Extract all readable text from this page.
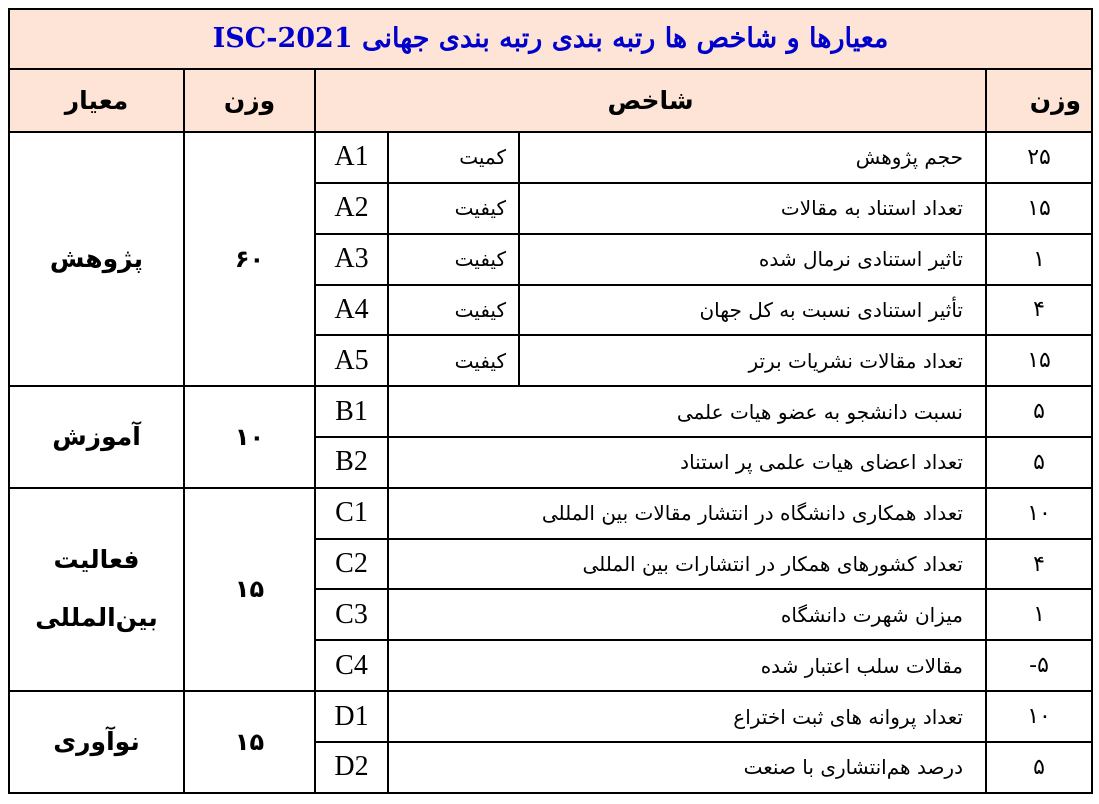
معیارها و شاخص ها رتبه بندی رتبه بندی جهانی ISC-2021					
معیار	وزن	شاخص			وزن
پژوهش	۶۰	A1	کمیت	حجم پژوهش	۲۵
		A2	کیفیت	تعداد استناد به مقالات	۱۵
		A3	کیفیت	تاثیر استنادی نرمال شده	۱
		A4	کیفیت	تأثیر استنادی نسبت به کل جهان	۴
		A5	کیفیت	تعداد مقالات نشریات برتر	۱۵
آموزش	۱۰	B1	نسبت دانشجو به عضو هیات علمی		۵
		B2	تعداد اعضای هیات علمی پر استناد		۵

فعالیت
بین‌المللی	۱۵	C1	تعداد همکاری دانشگاه در انتشار مقالات بین المللی		۱۰
		C2	تعداد کشورهای همکار در انتشارات بین المللی		۴
		C3	میزان شهرت دانشگاه		۱
		C4	مقالات سلب اعتبار شده		-۵
نوآوری	۱۵	D1	تعداد پروانه های ثبت اختراع		۱۰
		D2	درصد هم‌انتشاری با صنعت		۵
